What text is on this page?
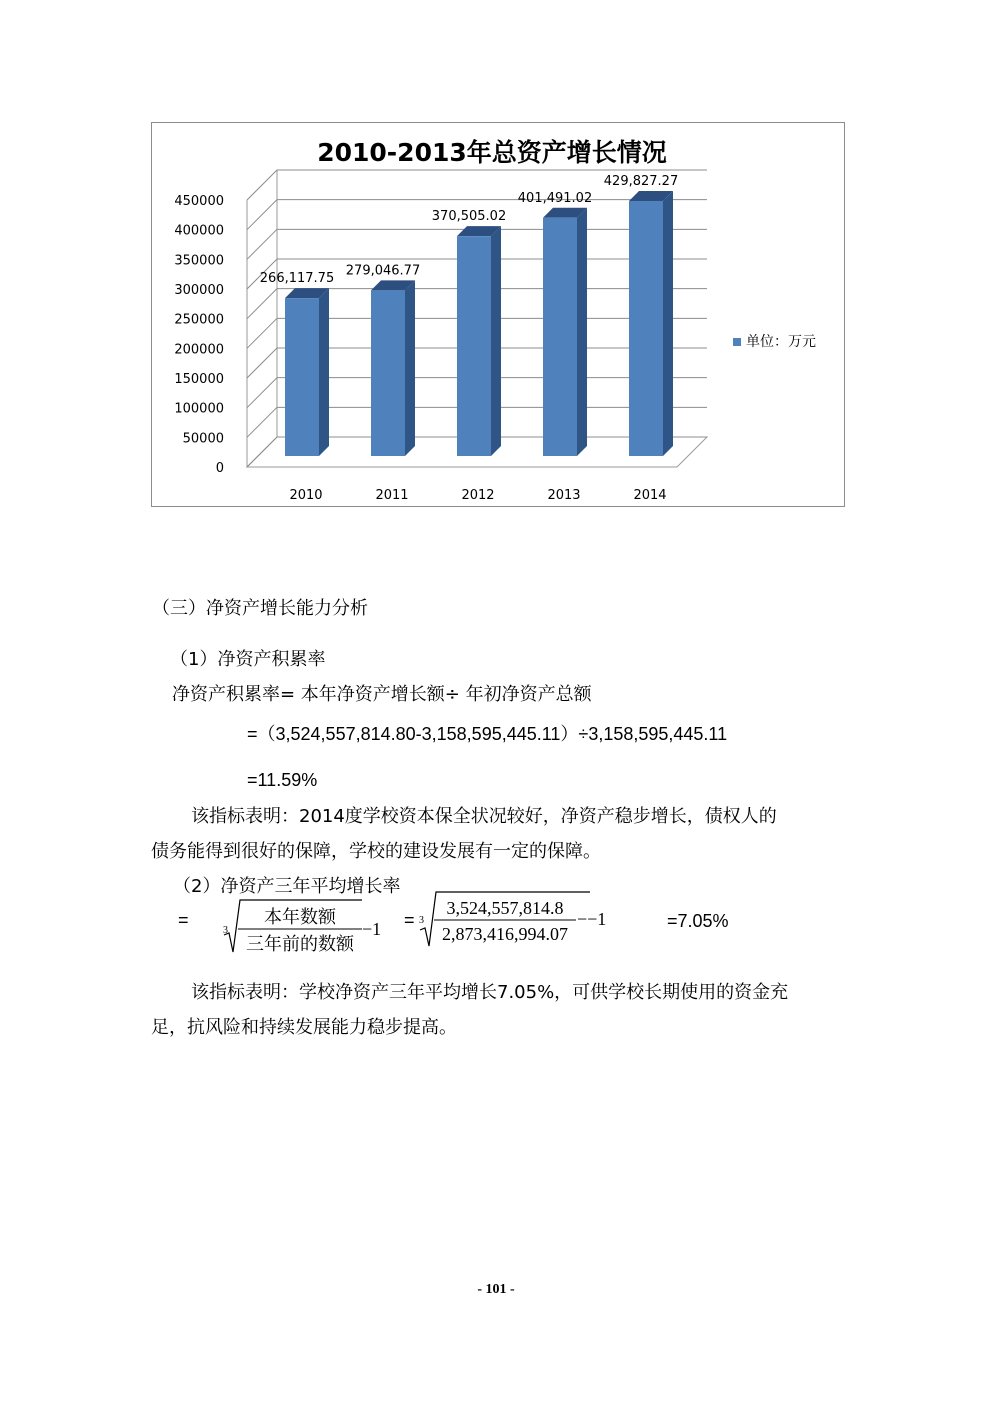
2010-2013年总资产增长情况
0
50000
100000
150000
200000
250000
300000
350000
400000
450000
2010	2011	2012	2013	2014
266,117.75
279,046.77
370,505.02
401,491.02
429,827.27
单位：万元
（三）净资产增长能力分析
（1）净资产积累率
净资产积累率= 本年净资产增长额÷ 年初净资产总额
=（3,524,557,814.80-3,158,595,445.11）÷3,158,595,445.11
=11.59%
该指标表明：2014度学校资本保全状况较好，净资产稳步增长，债权人的
债务能得到很好的保障，学校的建设发展有一定的保障。
（2）净资产三年平均增长率
=
3
本年数额
三年前的数额
−1 = 3
3,524,557,814.8
2,873,416,994.07
−−1	=7.05%
该指标表明：学校净资产三年平均增长7.05%，可供学校长期使用的资金充
足，抗风险和持续发展能力稳步提高。
- 101 -
